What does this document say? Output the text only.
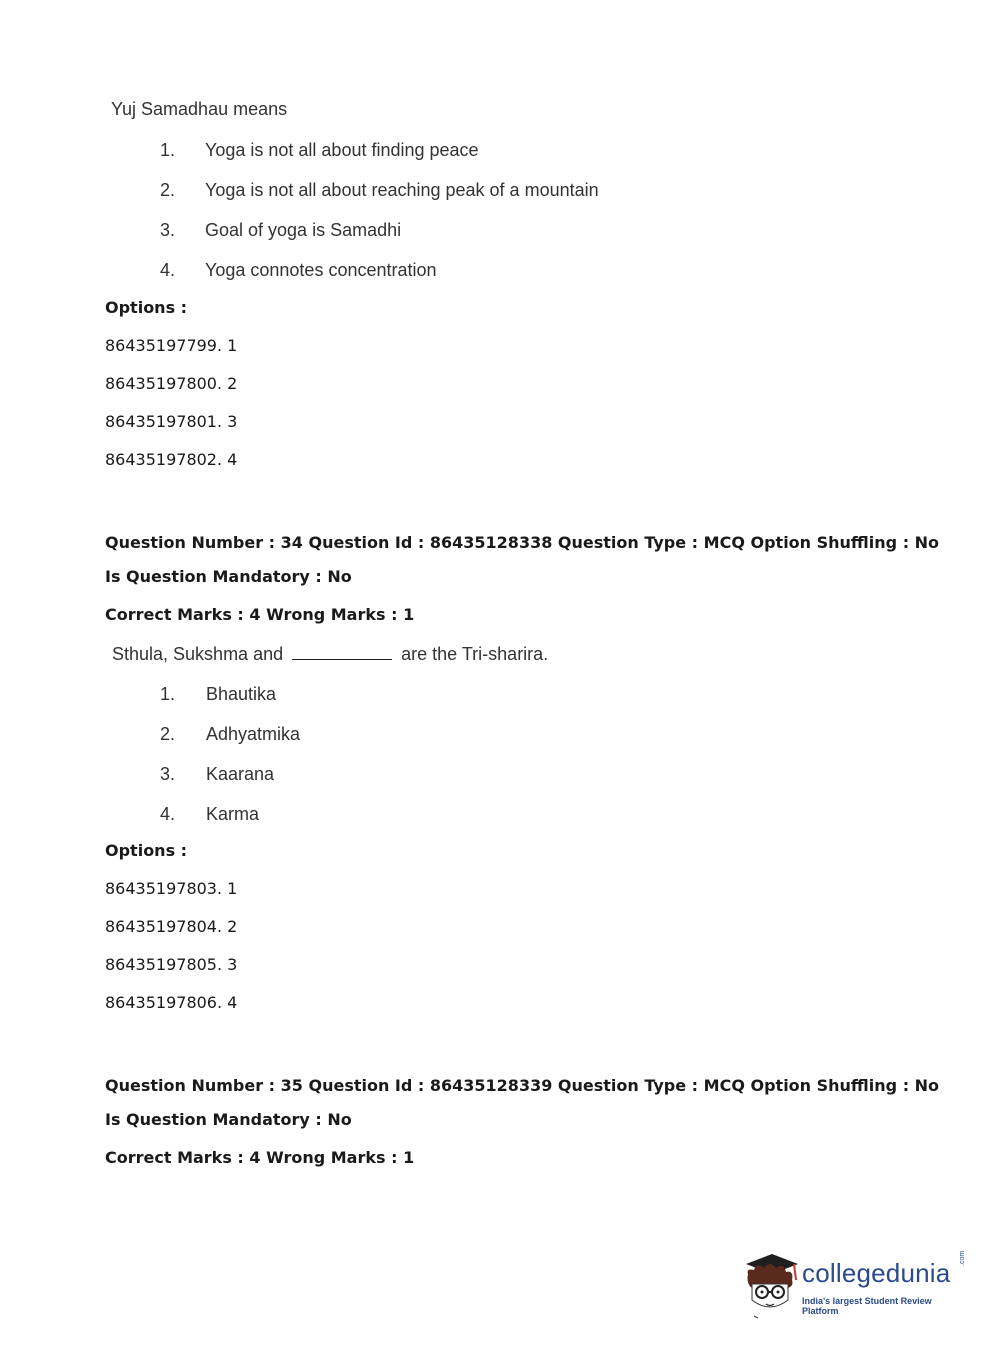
Yuj Samadhau means
1. Yoga is not all about finding peace
2. Yoga is not all about reaching peak of a mountain
3. Goal of yoga is Samadhi
4. Yoga connotes concentration
Options :
86435197799. 1
86435197800. 2
86435197801. 3
86435197802. 4
Question Number : 34 Question Id : 86435128338 Question Type : MCQ Option Shuffling : No
Is Question Mandatory : No
Correct Marks : 4 Wrong Marks : 1
Sthula, Sukshma and	are the Tri-sharira.
1. Bhautika
2. Adhyatmika
3. Kaarana
4. Karma
Options :
86435197803. 1
86435197804. 2
86435197805. 3
86435197806. 4
Question Number : 35 Question Id : 86435128339 Question Type : MCQ Option Shuffling : No
Is Question Mandatory : No
Correct Marks : 4 Wrong Marks : 1
collegedunia .com
India's largest Student Review Platform
